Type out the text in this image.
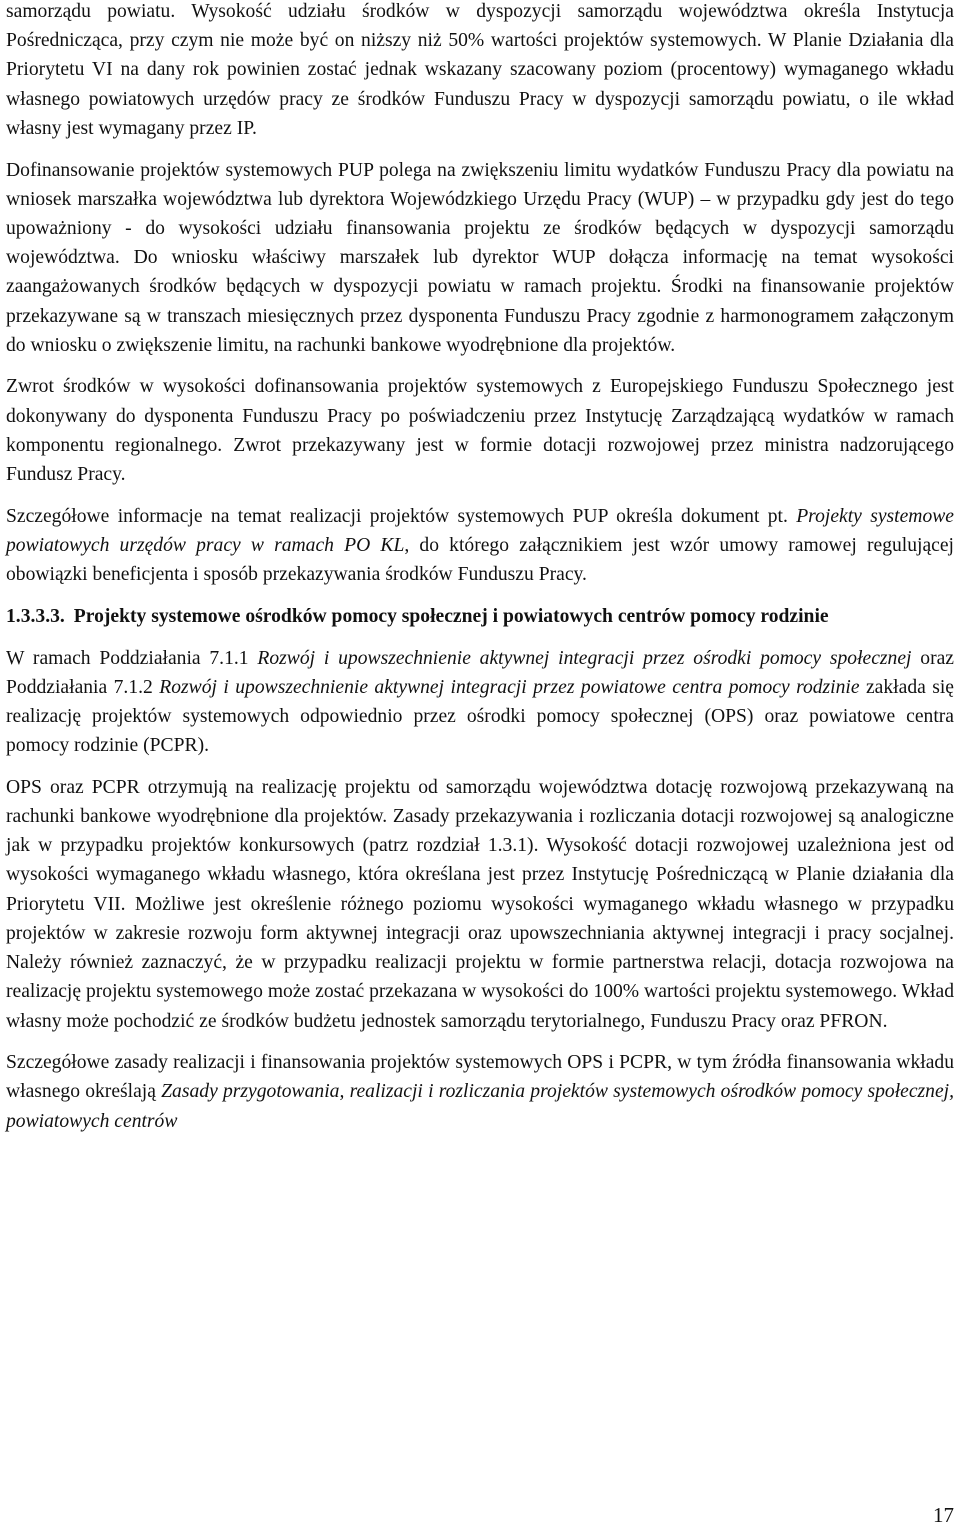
samorządu powiatu. Wysokość udziału środków w dyspozycji samorządu województwa określa Instytucja Pośrednicząca, przy czym nie może być on niższy niż 50% wartości projektów systemowych. W Planie Działania dla Priorytetu VI na dany rok powinien zostać jednak wskazany szacowany poziom (procentowy) wymaganego wkładu własnego powiatowych urzędów pracy ze środków Funduszu Pracy w dyspozycji samorządu powiatu, o ile wkład własny jest wymagany przez IP.

Dofinansowanie projektów systemowych PUP polega na zwiększeniu limitu wydatków Funduszu Pracy dla powiatu na wniosek marszałka województwa lub dyrektora Wojewódzkiego Urzędu Pracy (WUP) – w przypadku gdy jest do tego upoważniony - do wysokości udziału finansowania projektu ze środków będących w dyspozycji samorządu województwa. Do wniosku właściwy marszałek lub dyrektor WUP dołącza informację na temat wysokości zaangażowanych środków będących w dyspozycji powiatu w ramach projektu. Środki na finansowanie projektów przekazywane są w transzach miesięcznych przez dysponenta Funduszu Pracy zgodnie z harmonogramem załączonym do wniosku o zwiększenie limitu, na rachunki bankowe wyodrębnione dla projektów.

Zwrot środków w wysokości dofinansowania projektów systemowych z Europejskiego Funduszu Społecznego jest dokonywany do dysponenta Funduszu Pracy po poświadczeniu przez Instytucję Zarządzającą wydatków w ramach komponentu regionalnego. Zwrot przekazywany jest w formie dotacji rozwojowej przez ministra nadzorującego Fundusz Pracy.

Szczegółowe informacje na temat realizacji projektów systemowych PUP określa dokument pt. Projekty systemowe powiatowych urzędów pracy w ramach PO KL, do którego załącznikiem jest wzór umowy ramowej regulującej obowiązki beneficjenta i sposób przekazywania środków Funduszu Pracy.

1.3.3.3. Projekty systemowe ośrodków pomocy społecznej i powiatowych centrów pomocy rodzinie

W ramach Poddziałania 7.1.1 Rozwój i upowszechnienie aktywnej integracji przez ośrodki pomocy społecznej oraz Poddziałania 7.1.2 Rozwój i upowszechnienie aktywnej integracji przez powiatowe centra pomocy rodzinie zakłada się realizację projektów systemowych odpowiednio przez ośrodki pomocy społecznej (OPS) oraz powiatowe centra pomocy rodzinie (PCPR).

OPS oraz PCPR otrzymują na realizację projektu od samorządu województwa dotację rozwojową przekazywaną na rachunki bankowe wyodrębnione dla projektów. Zasady przekazywania i rozliczania dotacji rozwojowej są analogiczne jak w przypadku projektów konkursowych (patrz rozdział 1.3.1). Wysokość dotacji rozwojowej uzależniona jest od wysokości wymaganego wkładu własnego, która określana jest przez Instytucję Pośredniczącą w Planie działania dla Priorytetu VII. Możliwe jest określenie różnego poziomu wysokości wymaganego wkładu własnego w przypadku projektów w zakresie rozwoju form aktywnej integracji oraz upowszechniania aktywnej integracji i pracy socjalnej. Należy również zaznaczyć, że w przypadku realizacji projektu w formie partnerstwa relacji, dotacja rozwojowa na realizację projektu systemowego może zostać przekazana w wysokości do 100% wartości projektu systemowego. Wkład własny może pochodzić ze środków budżetu jednostek samorządu terytorialnego, Funduszu Pracy oraz PFRON.

Szczegółowe zasady realizacji i finansowania projektów systemowych OPS i PCPR, w tym źródła finansowania wkładu własnego określają Zasady przygotowania, realizacji i rozliczania projektów systemowych ośrodków pomocy społecznej, powiatowych centrów

17
